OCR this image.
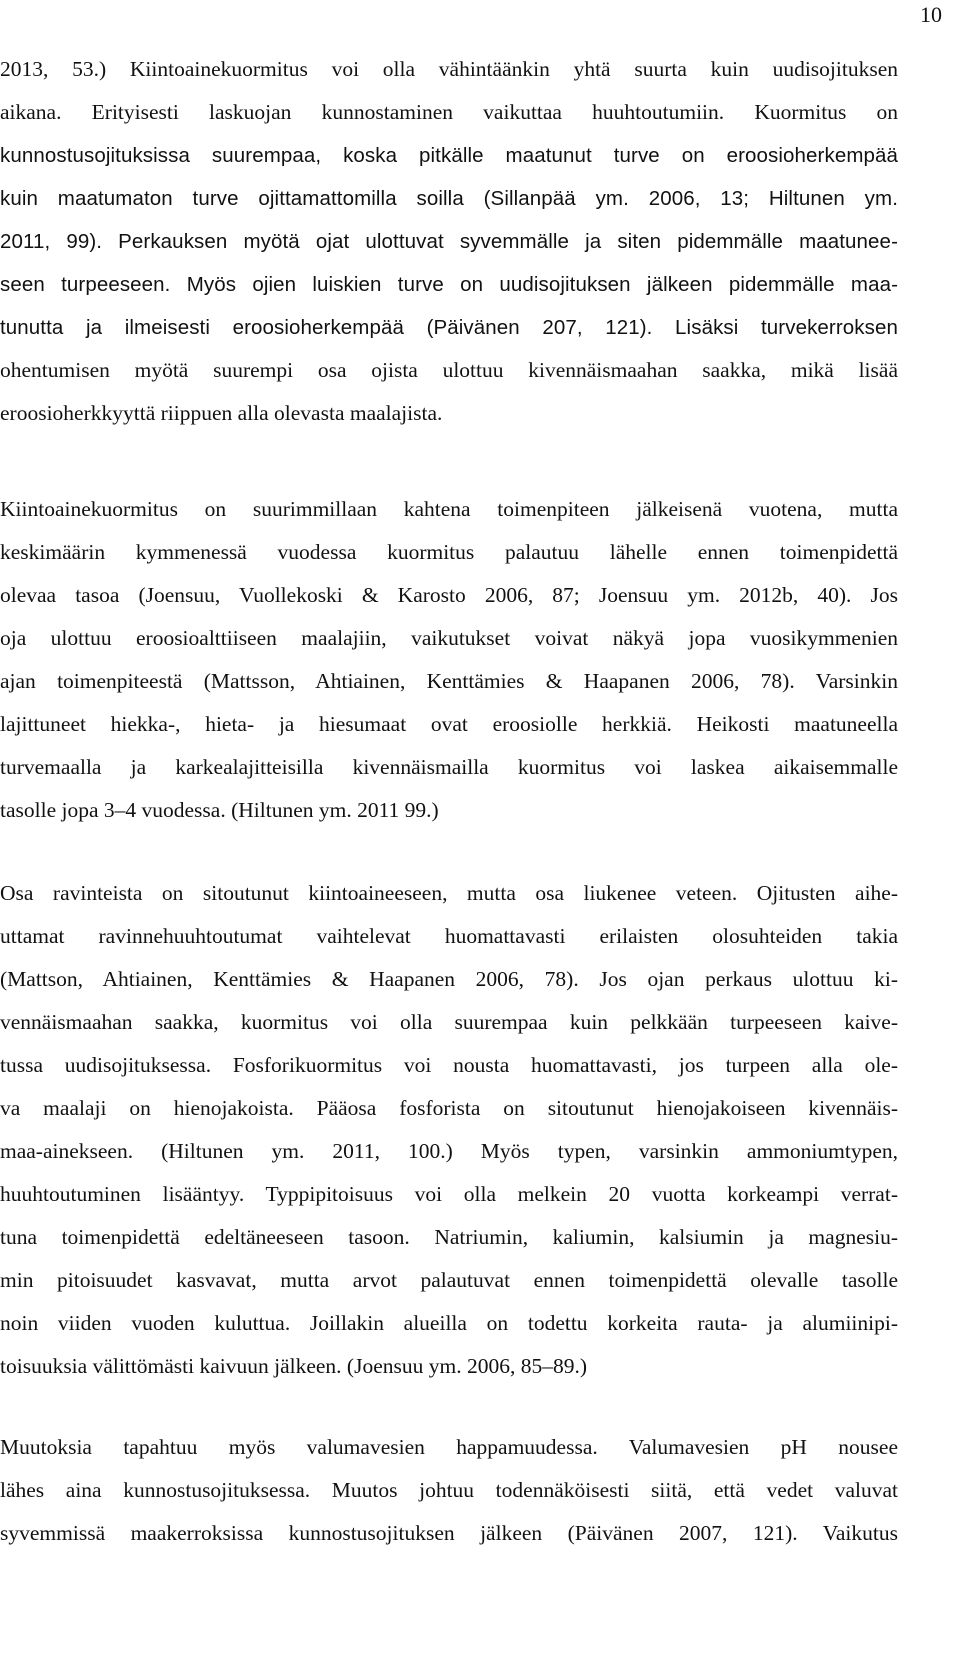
10
2013, 53.) Kiintoainekuormitus voi olla vähintäänkin yhtä suurta kuin uudisojituksen
aikana. Erityisesti laskuojan kunnostaminen vaikuttaa huuhtoutumiin. Kuormitus on
kunnostusojituksissa suurempaa, koska pitkälle maatunut turve on eroosioherkempää
kuin maatumaton turve ojittamattomilla soilla (Sillanpää ym. 2006, 13; Hiltunen ym.
2011, 99). Perkauksen myötä ojat ulottuvat syvemmälle ja siten pidemmälle maatunee-
seen turpeeseen. Myös ojien luiskien turve on uudisojituksen jälkeen pidemmälle maa-
tunutta ja ilmeisesti eroosioherkempää (Päivänen 207, 121). Lisäksi turvekerroksen
ohentumisen myötä suurempi osa ojista ulottuu kivennäismaahan saakka, mikä lisää
eroosioherkkyyttä riippuen alla olevasta maalajista.
Kiintoainekuormitus on suurimmillaan kahtena toimenpiteen jälkeisenä vuotena, mutta
keskimäärin kymmenessä vuodessa kuormitus palautuu lähelle ennen toimenpidettä
olevaa tasoa (Joensuu, Vuollekoski & Karosto 2006, 87; Joensuu ym. 2012b, 40). Jos
oja ulottuu eroosioalttiiseen maalajiin, vaikutukset voivat näkyä jopa vuosikymmenien
ajan toimenpiteestä (Mattsson, Ahtiainen, Kenttämies & Haapanen 2006, 78). Varsinkin
lajittuneet hiekka-, hieta- ja hiesumaat ovat eroosiolle herkkiä. Heikosti maatuneella
turvemaalla ja karkealajitteisilla kivennäismailla kuormitus voi laskea aikaisemmalle
tasolle jopa 3–4 vuodessa. (Hiltunen ym. 2011 99.)
Osa ravinteista on sitoutunut kiintoaineeseen, mutta osa liukenee veteen. Ojitusten aihe-
uttamat ravinnehuuhtoutumat vaihtelevat huomattavasti erilaisten olosuhteiden takia
(Mattson, Ahtiainen, Kenttämies & Haapanen 2006, 78). Jos ojan perkaus ulottuu ki-
vennäismaahan saakka, kuormitus voi olla suurempaa kuin pelkkään turpeeseen kaive-
tussa uudisojituksessa. Fosforikuormitus voi nousta huomattavasti, jos turpeen alla ole-
va maalaji on hienojakoista. Pääosa fosforista on sitoutunut hienojakoiseen kivennäis-
maa-ainekseen. (Hiltunen ym. 2011, 100.) Myös typen, varsinkin ammoniumtypen,
huuhtoutuminen lisääntyy. Typpipitoisuus voi olla melkein 20 vuotta korkeampi verrat-
tuna toimenpidettä edeltäneeseen tasoon. Natriumin, kaliumin, kalsiumin ja magnesiu-
min pitoisuudet kasvavat, mutta arvot palautuvat ennen toimenpidettä olevalle tasolle
noin viiden vuoden kuluttua. Joillakin alueilla on todettu korkeita rauta- ja alumiinipi-
toisuuksia välittömästi kaivuun jälkeen. (Joensuu ym. 2006, 85–89.)
Muutoksia tapahtuu myös valumavesien happamuudessa. Valumavesien pH nousee
lähes aina kunnostusojituksessa. Muutos johtuu todennäköisesti siitä, että vedet valuvat
syvemmissä maakerroksissa kunnostusojituksen jälkeen (Päivänen 2007, 121). Vaikutus
